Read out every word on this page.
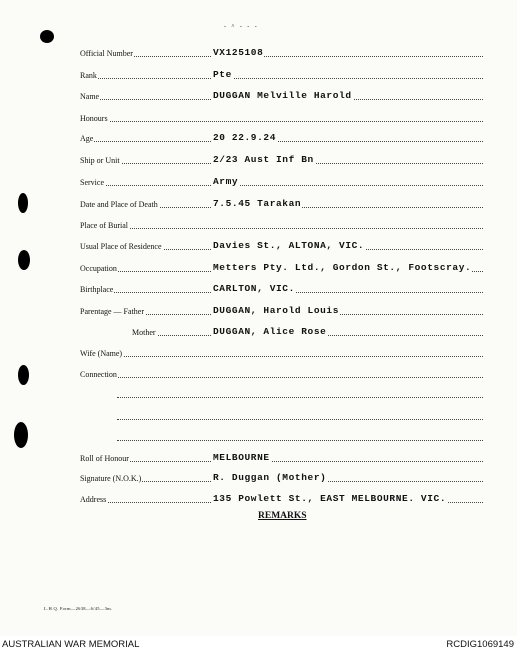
- ^ - - -
Official Number	VX125108
Rank	Pte
Name	DUGGAN Melville Harold
Honours
Age	20 22.9.24
Ship or Unit	2/23 Aust Inf Bn
Service	Army
Date and Place of Death	7.5.45 Tarakan
Place of Burial
Usual Place of Residence	Davies St., ALTONA, VIC.
Occupation	Metters Pty. Ltd., Gordon St., Footscray.
Birthplace	CARLTON, VIC.
Parentage — Father	DUGGAN, Harold Louis
Mother	DUGGAN, Alice Rose
Wife (Name)
Connection
Roll of Honour	MELBOURNE
Signature (N.O.K.)	R. Duggan (Mother)
Address	135 Powlett St., EAST MELBOURNE. VIC.
REMARKS
L.H.Q. Form—2638—6/45—3m.
AUSTRALIAN WAR MEMORIAL	RCDIG1069149
